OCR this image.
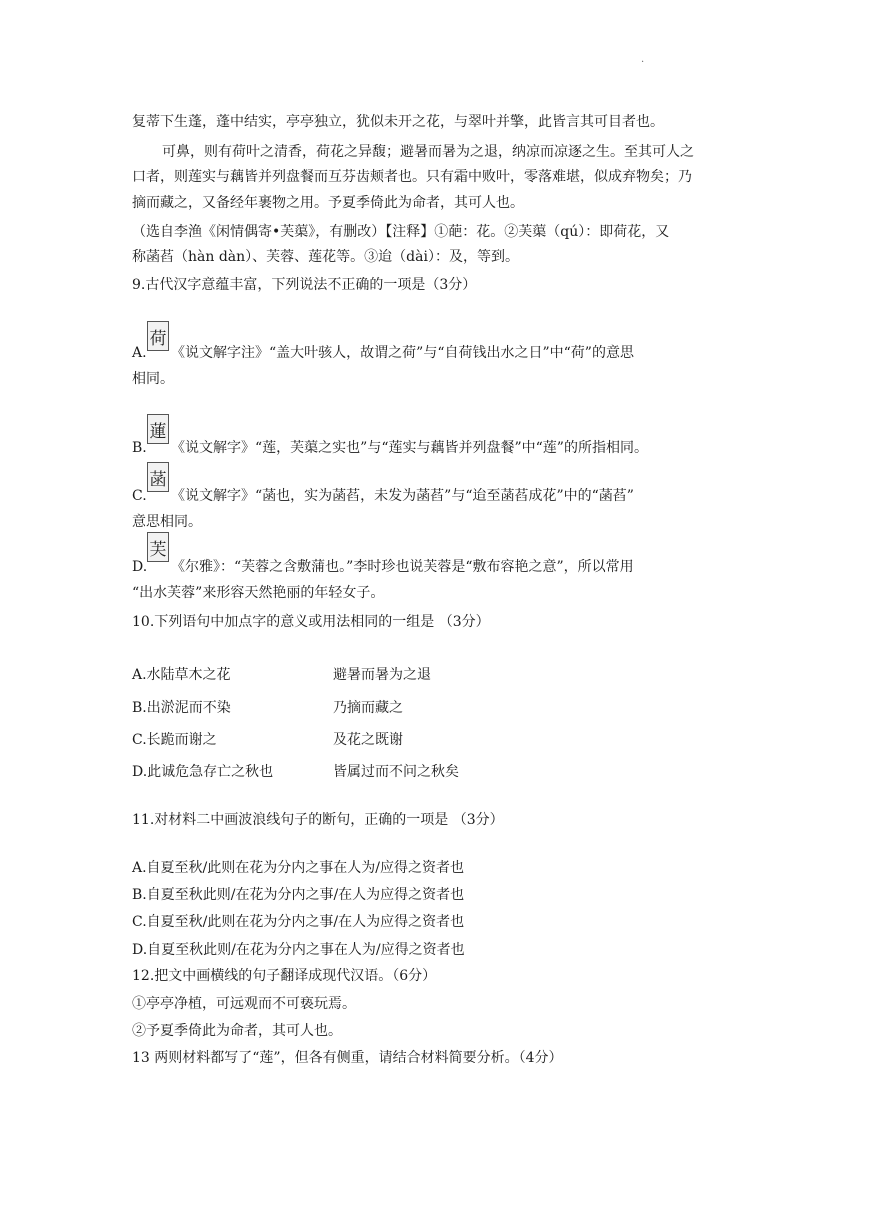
.
复蒂下生蓬，蓬中结实，亭亭独立，犹似未开之花，与翠叶并擎，此皆言其可目者也。
可鼻，则有荷叶之清香，荷花之异馥；避暑而暑为之退，纳凉而凉逐之生。至其可人之
口者，则莲实与藕皆并列盘餐而互芬齿颊者也。只有霜中败叶，零落难堪，似成弃物矣；乃
摘而藏之，又备经年裹物之用。予夏季倚此为命者，其可人也。
（选自李渔《闲情偶寄•芙蕖》，有删改）【注释】①葩：花。②芙蕖（qú）：即荷花，又
称菡萏（hàn dàn）、芙蓉、莲花等。③迨（dài）：及，等到。
9.古代汉字意蕴丰富，下列说法不正确的一项是（3分）
A.
荷
《说文解字注》“盖大叶骇人，故谓之荷”与“自荷钱出水之日”中“荷”的意思
相同。
B.
蓮
《说文解字》“莲，芙蕖之实也”与“莲实与藕皆并列盘餐”中“莲”的所指相同。
C.
菡
《说文解字》“菡也，实为菡萏，未发为菡萏”与“迨至菡萏成花”中的“菡萏”
意思相同。
D.
芙
《尔雅》：“芙蓉之含敷蒲也。”李时珍也说芙蓉是“敷布容艳之意”，所以常用
“出水芙蓉”来形容天然艳丽的年轻女子。
10.下列语句中加点字的意义或用法相同的一组是 （3分）
A.水陆草木之花	避暑而暑为之退
B.出淤泥而不染	乃摘而藏之
C.长跪而谢之	及花之既谢
D.此诚危急存亡之秋也	皆属过而不问之秋矣
11.对材料二中画波浪线句子的断句，正确的一项是 （3分）
A.自夏至秋/此则在花为分内之事在人为/应得之资者也
B.自夏至秋此则/在花为分内之事/在人为应得之资者也
C.自夏至秋/此则在花为分内之事/在人为应得之资者也
D.自夏至秋此则/在花为分内之事在人为/应得之资者也
12.把文中画横线的句子翻译成现代汉语。（6分）
①亭亭净植，可远观而不可亵玩焉。
②予夏季倚此为命者，其可人也。
13 两则材料都写了“莲”，但各有侧重，请结合材料简要分析。（4分）
